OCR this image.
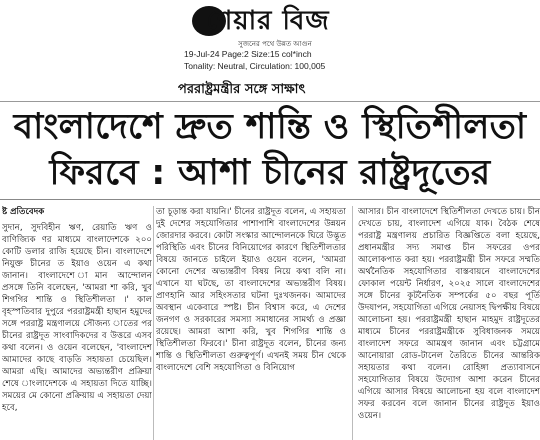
শেয়ার বিজ
সুজনের পথে উন্নত আগুন
19-Jul-24 Page:2 Size:15 col*inch
Tonality: Neutral, Circulation: 100,005
পররাষ্ট্রমন্ত্রীর সঙ্গে সাক্ষাৎ
বাংলাদেশে দ্রুত শান্তি ও স্থিতিশীলতা
ফিরবে : আশা চীনের রাষ্ট্রদূতের
ষ্ট প্রতিবেদক

সুদান, সুদবিহীন ঋণ, রেয়াতি ঋণ ও বাণিজ্যিক ণর মাধ্যমে বাংলাদেশকে ২০০ কোটি ডলার রাজি হয়েছে চীন। বাংলাদেশে নিযুক্ত চীনের ত ইয়াও ওয়েন এ কথা জানান। বাংলাদেশে ামান আন্দোলন প্রসঙ্গে তিনি বলেছেন, 'আমরা শা করি, খুব শিগগির শান্তি ও স্থিতিশীলতা ।' কাল বৃহস্পতিবার দুপুরে পররাষ্ট্রমন্ত্রী হাছান হমুদের সঙ্গে পররাষ্ট্র মন্ত্রণালয়ে সৌজন্য াতের পর চীনের রাষ্ট্রদূত সাংবাদিকদের ব উত্তরে এসব কথা বলেন। ও ওয়েন বলেছেন, 'বাংলাদেশ আমাদের কাছে বাড়তি সহায়তা চেয়েছিল। আমরা এছি। আমাদের অভ্যন্তরীণ প্রক্রিয়া শেষে াংলাদেশকে এ সহায়তা দিতে যাচ্ছি। সময়ের মে কোনো প্রক্রিয়ায় এ সহায়তা দেয়া হবে,

তা চূড়ান্ত করা যায়নি।' চীনের রাষ্ট্রদূত বলেন, এ সহায়তা দুই দেশের সহযোগিতার পাশাপাশি বাংলাদেশের উন্নয়ন জোরদার করবে। কোটা সংস্কার আন্দোলনকে ঘিরে উদ্ভূত পরিস্থিতি এবং চীনের বিনিয়োগের কারণে স্থিতিশীলতার বিষয়ে জানতে চাইলে ইয়াও ওয়েন বলেন, 'আমরা কোনো দেশের অভ্যন্তরীণ বিষয় নিয়ে কথা বলি না। এখানে যা ঘটছে, তা বাংলাদেশের অভ্যন্তরীণ বিষয়। প্রাণহানি আর সহিংসতার ঘটনা দুঃখজনক। আমাদের অবস্থান একেবারে স্পষ্ট। চীন বিশ্বাস করে, এ দেশের জনগণ ও সরকারের সমস্যা সমাধানের সামর্থ্য ও প্রজ্ঞা রয়েছে। আমরা আশা করি, খুব শিগগির শান্তি ও স্থিতিশীলতা ফিরবে।' চীনা রাষ্ট্রদূত বলেন, চীনের জন্য শান্তি ও স্থিতিশীলতা গুরুত্বপূর্ণ। এখনই সময় চীন থেকে বাংলাদেশে বেশি সহযোগিতা ও বিনিয়োগ

আসার। চীন বাংলাদেশে স্থিতিশীলতা দেখতে চায়। চীন দেখতে চায়, বাংলাদেশ এগিয়ে যাক। বৈঠক শেষে পররাষ্ট্র মন্ত্রণালয় প্রচারিত বিজ্ঞপ্তিতে বলা হয়েছে, প্রধানমন্ত্রীর সদ্য সমাপ্ত চীন সফরের ওপর আলোকপাত করা হয়। পররাষ্ট্রমন্ত্রী চীন সফরে সম্মতি অর্থনৈতিক সহযোগিতার বাস্তবায়নে বাংলাদেশের ফোকাল পয়েন্ট নির্ধারণ, ২০২৫ সালে বাংলাদেশের সঙ্গে চীনের কূটনৈতিক সম্পর্কের ৫০ বছর পূর্তি উদযাপন, সহযোগিতা এগিয়ে নেয়াসহ দ্বিপক্ষীয় বিষয়ে আলোচনা হয়। পররাষ্ট্রমন্ত্রী হাছান মাহমুদ রাষ্ট্রদূতের মাধ্যমে চীনের পররাষ্ট্রমন্ত্রীকে সুবিধাজনক সময়ে বাংলাদেশ সফরে আমন্ত্রণ জানান এবং চট্টগ্রামে আনোয়ারা রোড-টানেল তৈরিতে চীনের আন্তরিক সহায়তার কথা বলেন। রোহিঙ্গা প্রত্যাবাসনে সহযোগিতার বিষয়ে উদ্যোগ আশা করেন চীনের এগিয়ে আসার বিষয়ে আলোচনা হয় বলে বাংলাদেশ সফর করবেন বলে জানান চীনের রাষ্ট্রদূত ইয়াও ওয়েন।
